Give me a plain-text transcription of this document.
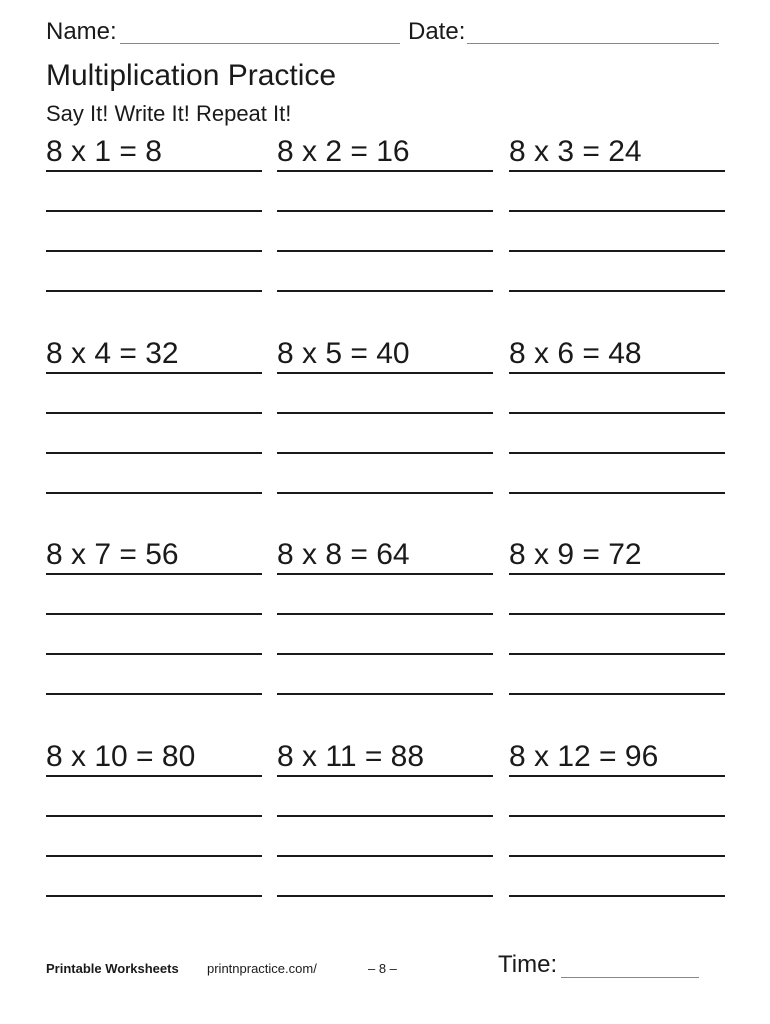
Name:	Date:
Multiplication Practice
Say It! Write It! Repeat It!
8 x 1 = 8	8 x 2 = 16	8 x 3 = 24
8 x 4 = 32	8 x 5 = 40	8 x 6 = 48
8 x 7 = 56	8 x 8 = 64	8 x 9 = 72
8 x 10 = 80	8 x 11 = 88	8 x 12 = 96
Printable Worksheets printnpractice.com/	– 8 –	Time:
